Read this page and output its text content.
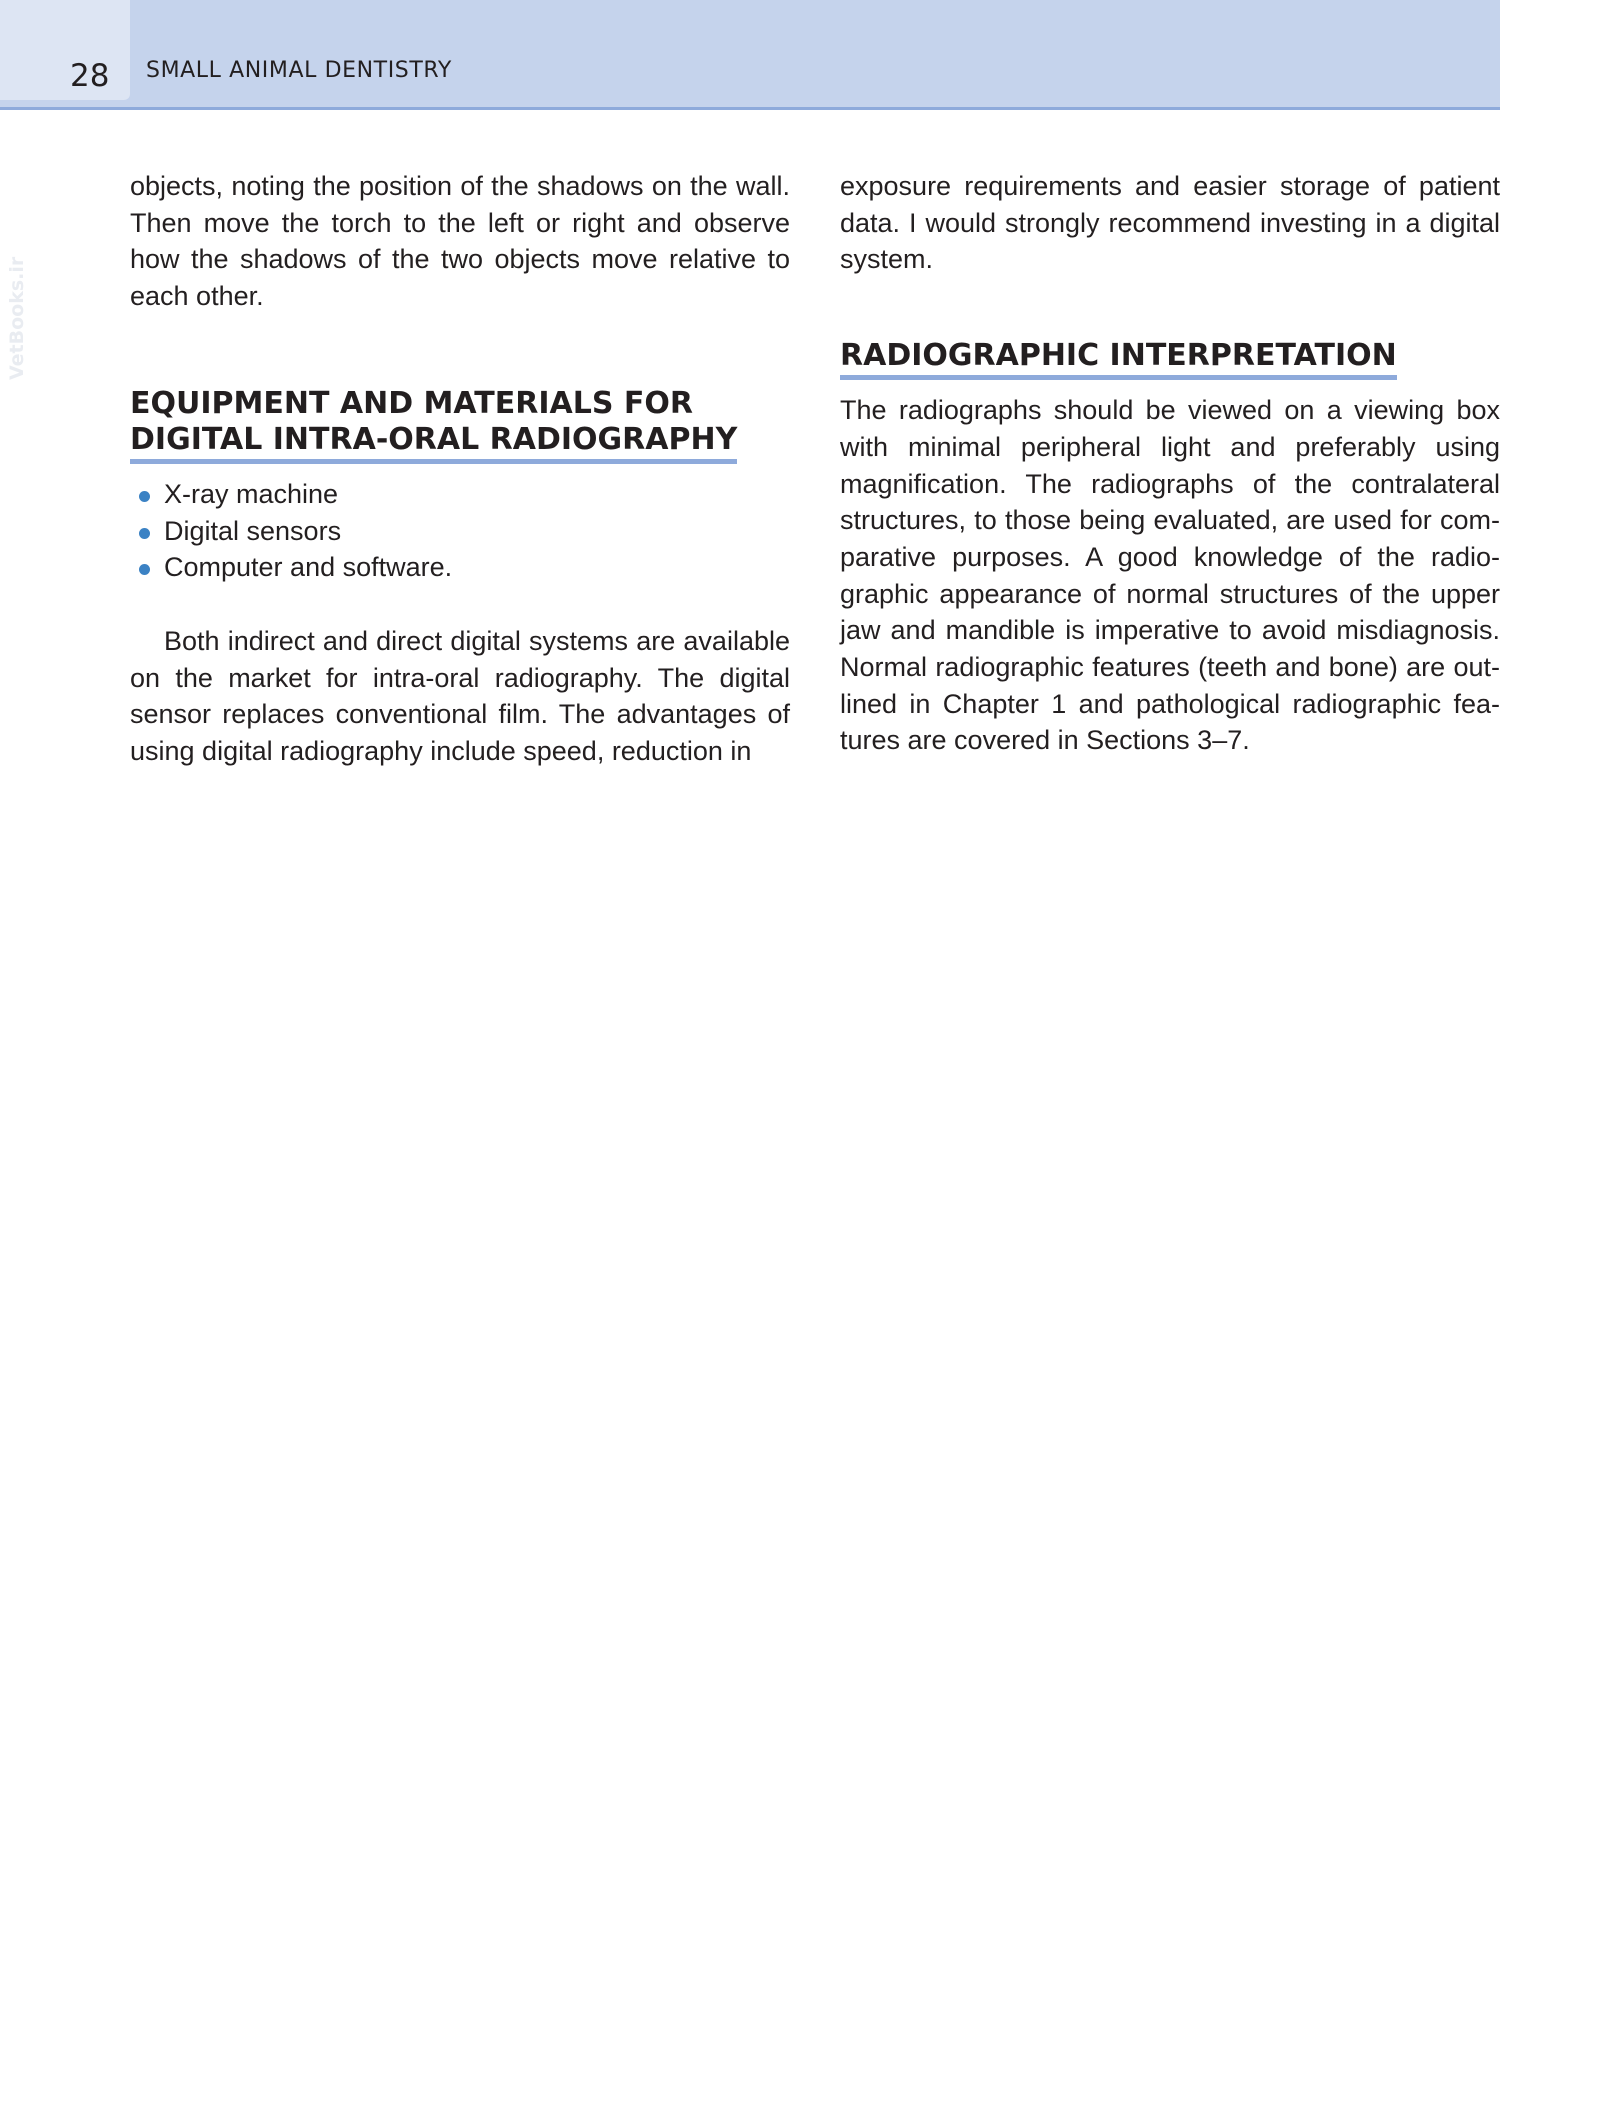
28 SMALL ANIMAL DENTISTRY
VetBooks.ir

objects, noting the position of the shadows on the wall. Then move the torch to the left or right and observe how the shadows of the two objects move relative to each other.

EQUIPMENT AND MATERIALS FOR
DIGITAL INTRA-ORAL RADIOGRAPHY
X-ray machine
Digital sensors
Computer and software.

Both indirect and direct digital systems are available on the market for intra-oral radiography. The digital sensor replaces conventional film. The advantages of using digital radiography include speed, reduction in

exposure requirements and easier storage of patient data. I would strongly recommend investing in a digital system.

RADIOGRAPHIC INTERPRETATION

The radiographs should be viewed on a viewing box with minimal peripheral light and preferably using magnification. The radiographs of the contralateral structures, to those being evaluated, are used for com-parative purposes. A good knowledge of the radio-graphic appearance of normal structures of the upper jaw and mandible is imperative to avoid misdiagnosis. Normal radiographic features (teeth and bone) are out-lined in Chapter 1 and pathological radiographic fea-tures are covered in Sections 3–7.
